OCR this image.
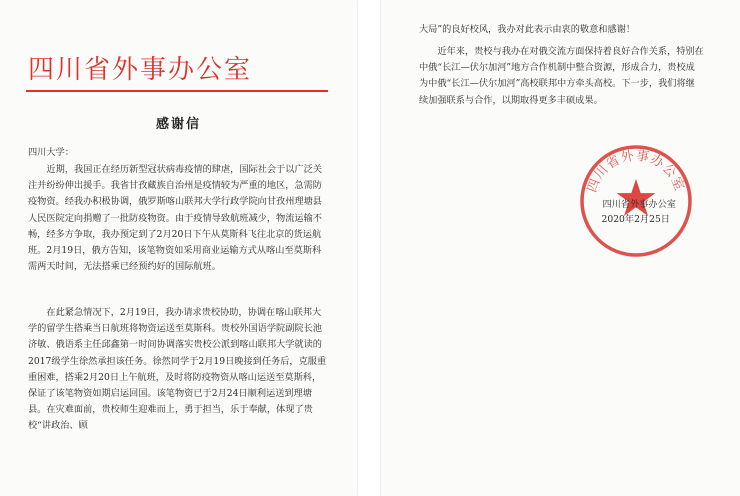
四川省外事办公室
感谢信

四川大学：

近期，我国正在经历新型冠状病毒疫情的肆虐，国际社会于以广泛关注并纷纷伸出援手。我省甘孜藏族自治州是疫情较为严重的地区，急需防疫物资。经我办积极协调，俄罗斯喀山联邦大学行政学院向甘孜州理塘县人民医院定向捐赠了一批防疫物资。由于疫情导致航班减少，物流运输不畅，经多方争取，我办预定到了2月20日下午从莫斯科飞往北京的货运航班。2月19日，俄方告知，该笔物资如采用商业运输方式从喀山至莫斯科需两天时间，无法搭乘已经预约好的国际航班。

在此紧急情况下，2月19日，我办请求贵校协助，协调在喀山联邦大学的留学生搭乘当日航班将物资运送至莫斯科。贵校外国语学院副院长池济敏、俄语系主任邱鑫第一时间协调落实贵校公派到喀山联邦大学就读的2017级学生徐然承担该任务。徐然同学于2月19日晚接到任务后，克服重重困难，搭乘2月20日上午航班，及时将防疫物资从喀山运送至莫斯科，保证了该笔物资如期启运回国。该笔物资已于2月24日顺利运送到理塘县。在灾难面前，贵校师生迎难而上，勇于担当，乐于奉献，体现了贵校“讲政治、顾

大局”的良好校风，我办对此表示由衷的敬意和感谢！

近年来，贵校与我办在对俄交流方面保持着良好合作关系，特别在中俄“长江—伏尔加河”地方合作机制中整合资源，形成合力，贵校成为中俄“长江—伏尔加河”高校联邦中方牵头高校。下一步，我们将继续加强联系与合作，以期取得更多丰硕成果。

四川省外事办公室
四川省外事办公室
2020年2月25日
